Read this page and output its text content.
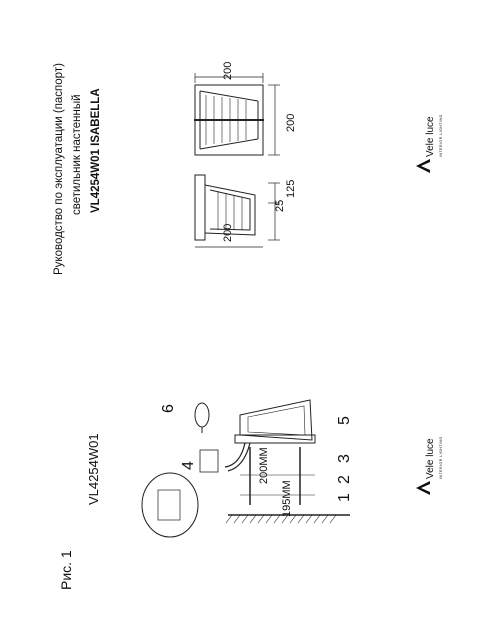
Руководство по эксплуатации (паспорт) светильник настенный VL4254W01 ISABELLA
200
200
125
25
200
Vele luce INTERIOR LIGHTING
Vele luce INTERIOR LIGHTING
Рис. 1
VL4254W01	195ММ
200ММ
1
2
3
4
5
6
